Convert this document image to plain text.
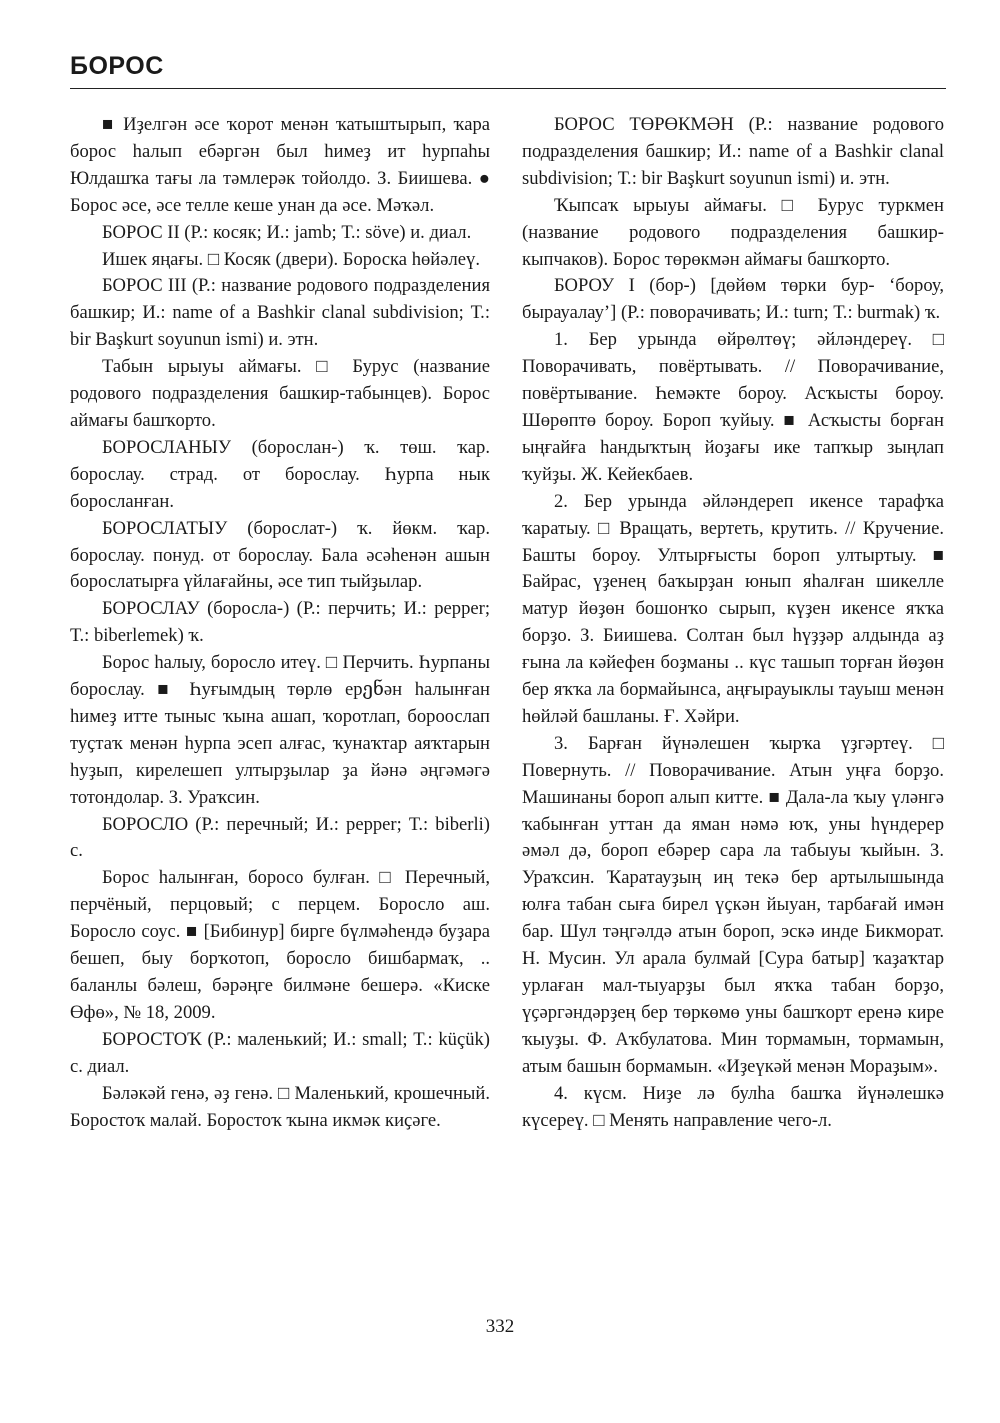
БОРОС

■ Иҙелгән әсе ҡорот менән ҡатыштырып, ҡара борос һалып ебәргән был һимеҙ ит һурпаһы Юлдашҡа тағы ла тәмлерәк тойолдо. З. Биишева. ● Борос әсе, әсе телле кеше унан да әсе. Мәҡәл.

БОРОС II (Р.: косяк; И.: jamb; Т.: söve) и. диал.

Ишек яңағы. □ Косяк (двери). Бороска һөйәлеү.

БОРОС III (Р.: название родового подразделения башкир; И.: name of a Bashkir clanal subdivision; Т.: bir Başkurt soyunun ismi) и. этн.

Табын ырыуы аймағы. □ Бурус (название родового подразделения башкир-табынцев). Борос аймағы башҡорто.

БОРОСЛАНЫУ (борослан-) ҡ. төш. ҡар. борослау. страд. от борослау. Һурпа нык боросланған.

БОРОСЛАТЫУ (борослат-) ҡ. йөкм. ҡар. борослау. понуд. от борослау. Бала әсәһенән ашын борослатырға үйлағайны, әсе тип тыйҙылар.

БОРОСЛАУ (боросла-) (Р.: перчить; И.: pepper; Т.: biberlemek) ҡ.

Борос һалыу, боросло итеү. □ Перчить. Һурпаны борослау. ■ Һуғымдың төрлө ерენән һалынған һимеҙ итте тыныс ҡына ашап, ҡоротлап, бороослап туҫтаҡ менән һурпа эсеп алғас, ҡунаҡтар аяҡтарын һуҙып, кирелешеп ултырҙылар ҙа йәнә әңгәмәгә тотондолар. З. Ураҡсин.

БОРОСЛО (Р.: перечный; И.: pepper; Т.: biberli) с.

Борос һалынған, боросо булған. □ Перечный, перчёный, перцовый; с перцем. Боросло аш. Боросло соус. ■ [Бибинур] бирге бүлмәһендә буҙара бешеп, быу борҡотоп, боросло бишбармаҡ, .. баланлы бәлеш, бәрәңге билмәне бешерә. «Киске Өфө», № 18, 2009.

БОРОСТОҠ (Р.: маленький; И.: small; Т.: küçük) с. диал.

Бәләкәй генә, әҙ генә. □ Маленький, крошечный. Боростоҡ малай. Боростоҡ ҡына икмәк киҫәге.

БОРОС ТӨРӨКМӘН (Р.: название родового подразделения башкир; И.: name of a Bashkir clanal subdivision; Т.: bir Başkurt soyunun ismi) и. этн.

Ҡыпсаҡ ырыуы аймағы. □ Бурус туркмен (название родового подразделения башкир-кыпчаков). Борос төрөкмән аймағы башҡорто.

БОРОУ I (бор-) [дөйөм төрки бур- ‘бороу, бырауалау’] (Р.: поворачивать; И.: turn; Т.: burmak) ҡ.

1. Бер урында өйрөлтөү; әйләндереү. □ Поворачивать, повёртывать. // Поворачивание, повёртывание. Һемәкте бороу. Асҡысты бороу. Шөрөптө бороу. Бороп ҡуйыу. ■ Асҡысты борған ыңғайға һандыҡтың йоҙағы ике тапҡыр зыңлап ҡуйҙы. Ж. Кейекбаев.

2. Бер урында әйләндереп икенсе тарафҡа ҡаратыу. □ Вращать, вертеть, крутить. // Кручение. Башты бороу. Ултырғысты бороп ултыртыу. ■ Байрас, үҙенең баҡырҙан юнып яһалған шикелле матур йөҙөн бошонҡо сырып, күҙен икенсе яҡҡа борҙо. З. Биишева. Солтан был һүҙҙәр алдында аҙ ғына ла кәйефен боҙманы .. күс ташып торған йөҙөн бер яҡҡа ла бормайынса, аңғырауыклы тауыш менән һөйләй башланы. Ғ. Хәйри.

3. Барған йүнәлешен ҡырҡа үҙгәртеү. □ Повернуть. // Поворачивание. Атын уңға борҙо. Машинаны бороп алып китте. ■ Дала-ла ҡыу үләнгә ҡабынған уттан да яман нәмә юҡ, уны һүндерер әмәл дә, бороп ебәрер сара ла табыуы ҡыйын. З. Ураҡсин. Ҡаратауҙың иң текә бер артылышында юлға табан сыға бирел үҫкән йыуан, тарбағай имән бар. Шул тәңгәлдә атын бороп, эскә инде Бикморат. Н. Мусин. Ул арала булмай [Сура батыр] ҡаҙаҡтар урлаған мал-тыуарҙы был яҡҡа табан борҙо, үҫәргәндәрҙең бер төркөмө уны башҡорт еренә кире ҡыуҙы. Ф. Аҡбулатова. Мин тормамын, тормамын, атым башын бормамын. «Иҙеүкәй менән Мораҙым».

4. күсм. Ниҙе лә булһа башҡа йүнәлешкә күсереү. □ Менять направление чего-л.

332
